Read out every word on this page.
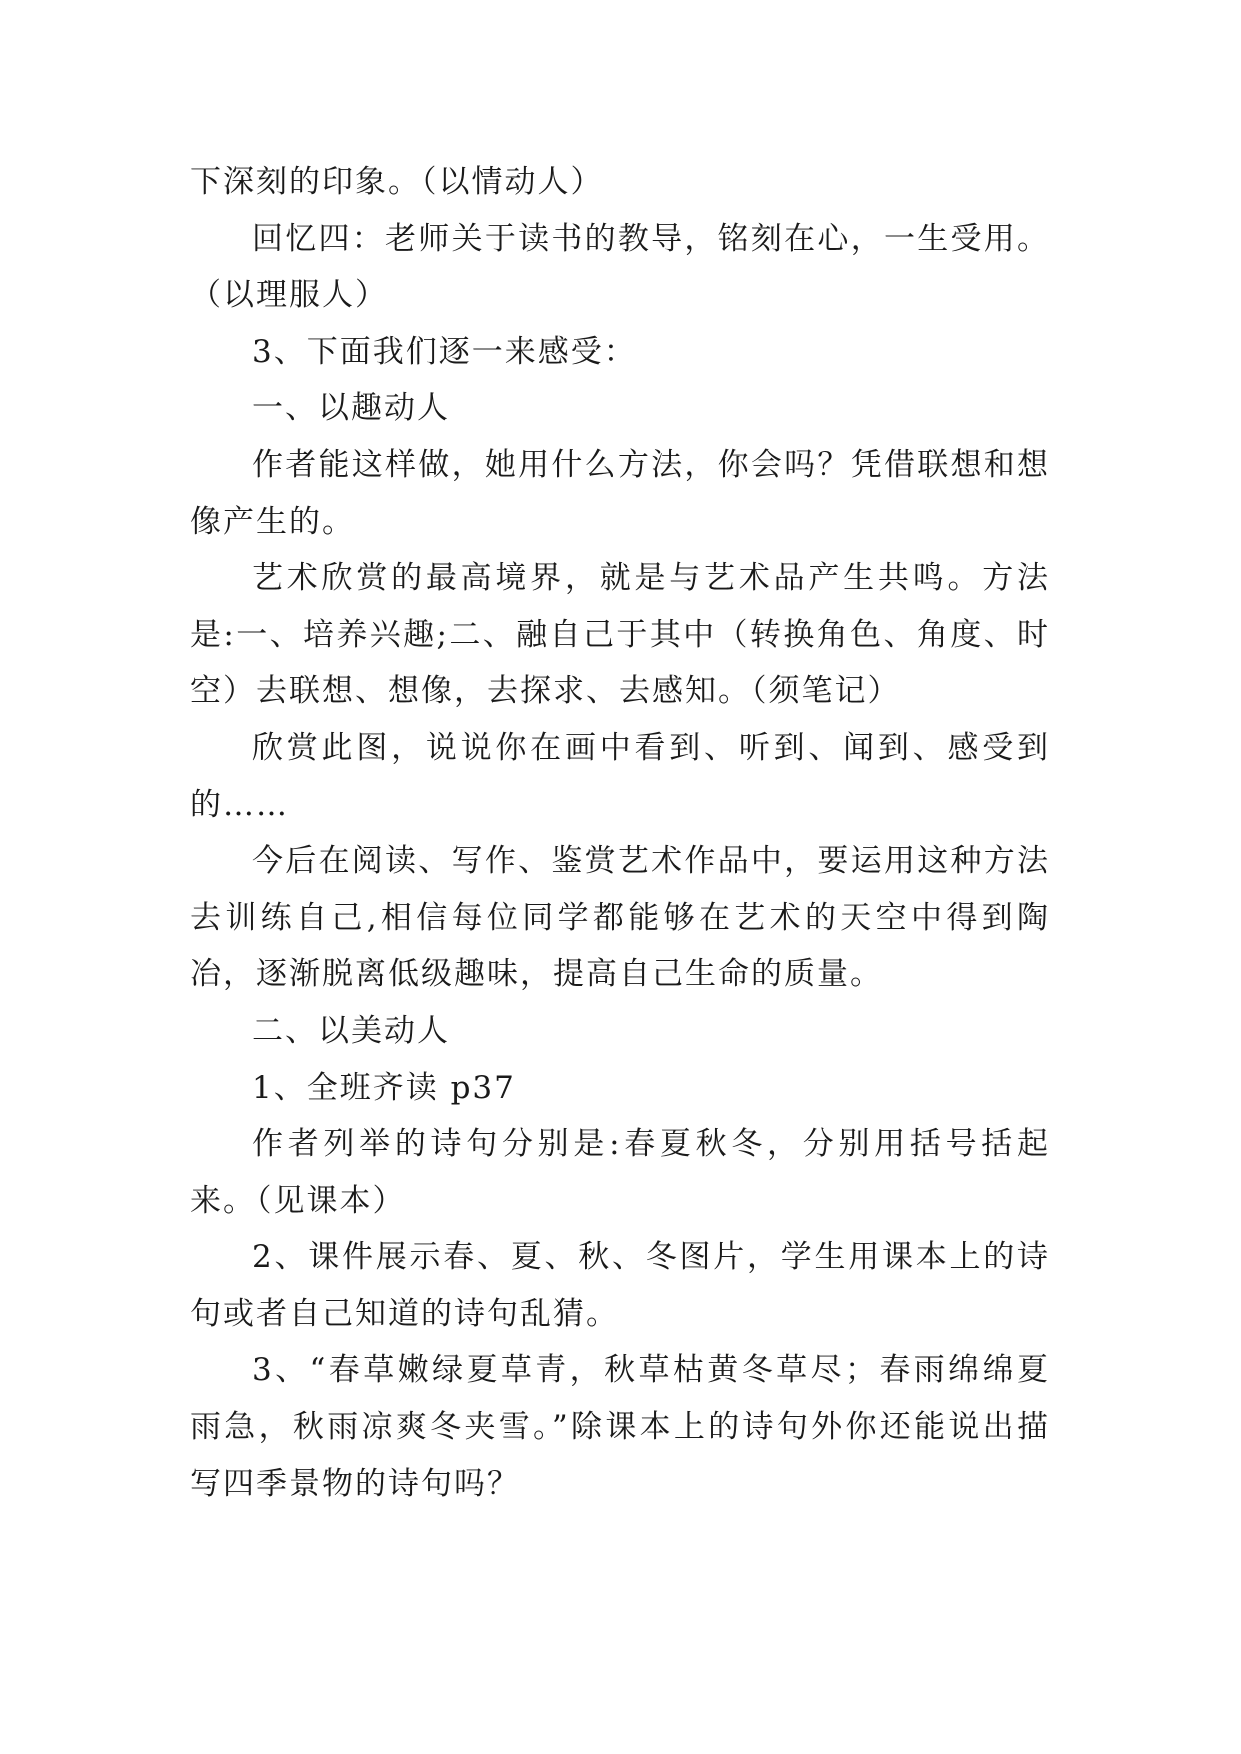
下深刻的印象。（以情动人）

回忆四：老师关于读书的教导，铭刻在心，一生受用。（以理服人）

3、下面我们逐一来感受：

一、以趣动人

作者能这样做，她用什么方法，你会吗？凭借联想和想像产生的。

艺术欣赏的最高境界，就是与艺术品产生共鸣。方法是:一、培养兴趣;二、融自己于其中（转换角色、角度、时空）去联想、想像，去探求、去感知。（须笔记）

欣赏此图，说说你在画中看到、听到、闻到、感受到的……

今后在阅读、写作、鉴赏艺术作品中，要运用这种方法去训练自己,相信每位同学都能够在艺术的天空中得到陶冶，逐渐脱离低级趣味，提高自己生命的质量。

二、以美动人

1、全班齐读 p37

作者列举的诗句分别是:春夏秋冬，分别用括号括起来。（见课本）

2、课件展示春、夏、秋、冬图片，学生用课本上的诗句或者自己知道的诗句乱猜。

3、“春草嫩绿夏草青，秋草枯黄冬草尽；春雨绵绵夏雨急，秋雨凉爽冬夹雪。”除课本上的诗句外你还能说出描写四季景物的诗句吗？
